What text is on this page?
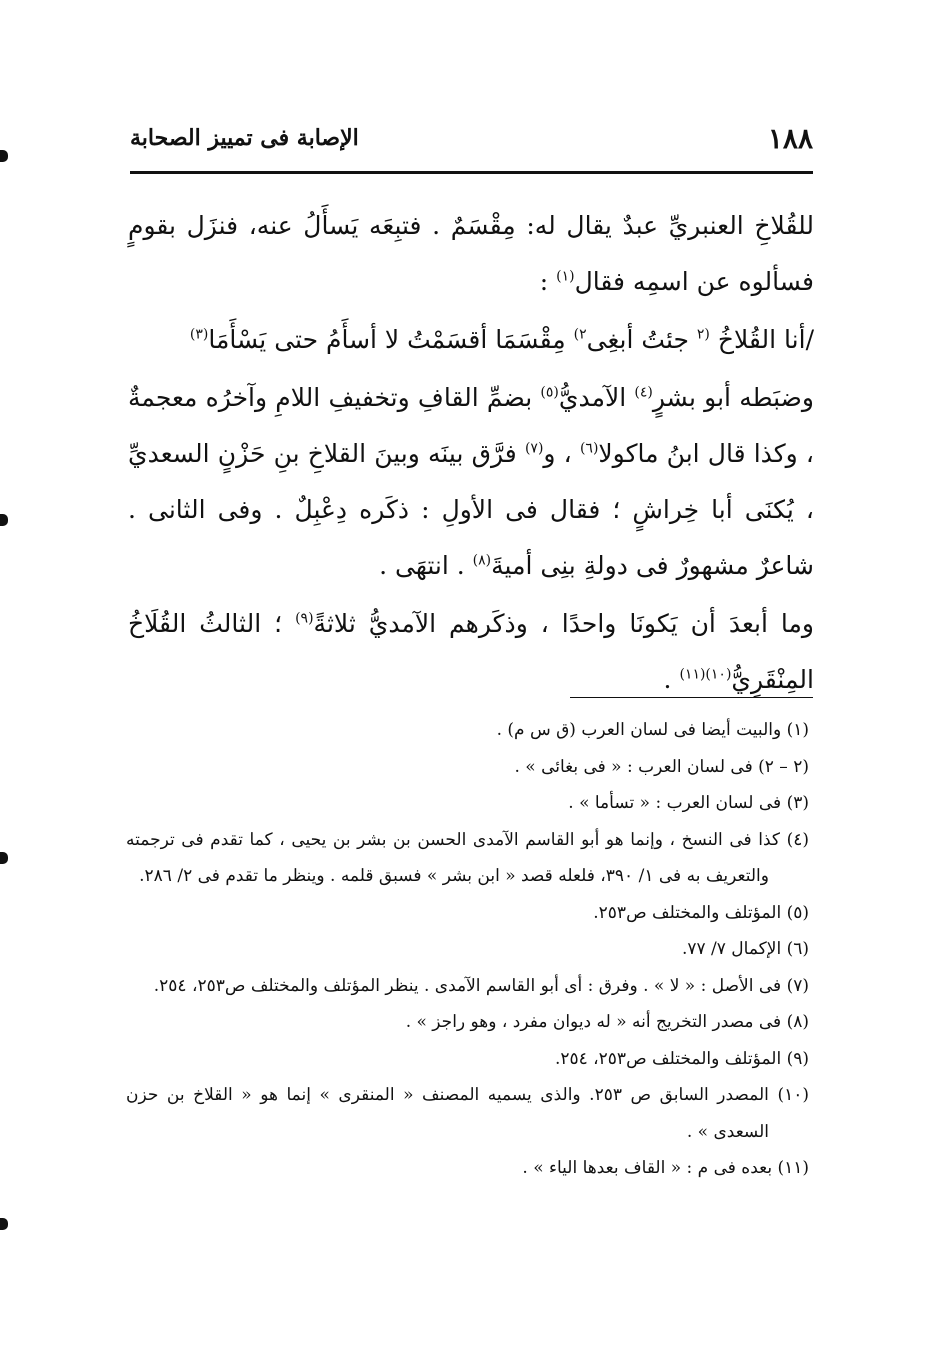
١٨٨
الإصابة فى تمييز الصحابة

للقُلاخِ العنبريِّ عبدٌ يقال له: مِقْسَمٌ . فتبِعَه يَسأَلُ عنه، فنزَل بقومٍ فسألوه عن اسمِه فقال$^{(١)}$ :

/أنا القُلاخُ $^{(٢}$ جئتُ أبغِى$^{٢)}$ مِقْسَمَا أقسَمْتُ لا أسأَمُ حتى يَسْأَمَا$^{(٣)}$

وضبَطه أبو بشرٍ$^{(٤)}$ الآمديُّ$^{(٥)}$ بضمِّ القافِ وتخفيفِ اللامِ وآخرُه معجمةٌ ، وكذا قال ابنُ ماكولا$^{(٦)}$ ، و$^{(٧)}$ فرَّق بينَه وبينَ القلاخِ بنِ حَزْنٍ السعديِّ ، يُكنَى أبا خِراشٍ ؛ فقال فى الأولِ : ذكَره دِعْبِلٌ . وفى الثانى . شاعرٌ مشهورٌ فى دولةِ بنِى أميةَ$^{(٨)}$ . انتهَى .

وما أبعدَ أن يَكونَا واحدًا ، وذكَرهم الآمديُّ ثلاثةً$^{(٩)}$ ؛ الثالثُ القُلَاخُ المِنْقَرِيُّ$^{(١٠)(١١)}$ .

(١) والبيت أيضا فى لسان العرب (ق س م) .

(٢ – ٢) فى لسان العرب : « فى بغائى » .

(٣) فى لسان العرب : « تسأما » .

(٤) كذا فى النسخ ، وإنما هو أبو القاسم الآمدى الحسن بن بشر بن يحيى ، كما تقدم فى ترجمته والتعريف به فى ١/ ٣٩٠، فلعله قصد « ابن بشر » فسبق قلمه . وينظر ما تقدم فى ٢/ ٢٨٦.

(٥) المؤتلف والمختلف ص٢٥٣.

(٦) الإكمال ٧/ ٧٧.

(٧) فى الأصل : « لا » . وفرق : أى أبو القاسم الآمدى . ينظر المؤتلف والمختلف ص٢٥٣، ٢٥٤.

(٨) فى مصدر التخريج أنه « له ديوان مفرد ، وهو راجز » .

(٩) المؤتلف والمختلف ص٢٥٣، ٢٥٤.

(١٠) المصدر السابق ص ٢٥٣. والذى يسميه المصنف « المنقرى » إنما هو « القلاخ بن حزن السعدى » .

(١١) بعده فى م : « القاف بعدها الياء » .
